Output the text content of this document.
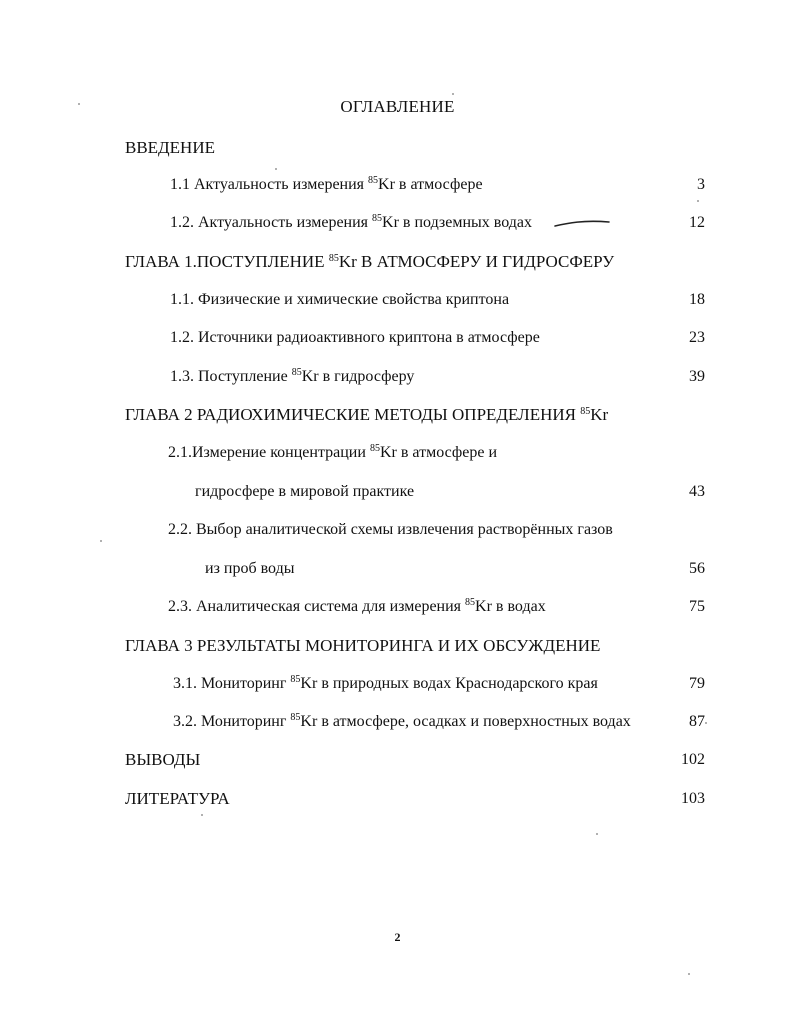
ОГЛАВЛЕНИЕ
ВВЕДЕНИЕ
1.1 Актуальность измерения $^{85}$Kr в атмосфере	3
1.2. Актуальность измерения $^{85}$Kr в подземных водах	12
ГЛАВА 1.ПОСТУПЛЕНИЕ $^{85}$Kr В АТМОСФЕРУ И ГИДРОСФЕРУ
1.1. Физические и химические свойства криптона	18
1.2. Источники радиоактивного криптона в атмосфере	23
1.3. Поступление $^{85}$Kr в гидросферу	39
ГЛАВА 2 РАДИОХИМИЧЕСКИЕ МЕТОДЫ ОПРЕДЕЛЕНИЯ $^{85}$Kr
2.1.Измерение концентрации $^{85}$Kr в атмосфере и
гидросфере в мировой практике	43
2.2. Выбор аналитической схемы извлечения растворённых газов
из проб воды	56
2.3. Аналитическая система для измерения $^{85}$Kr в водах	75
ГЛАВА 3 РЕЗУЛЬТАТЫ МОНИТОРИНГА И ИХ ОБСУЖДЕНИЕ
3.1. Мониторинг $^{85}$Kr в природных водах Краснодарского края	79
3.2. Мониторинг $^{85}$Kr в атмосфере, осадках и поверхностных водах	87
ВЫВОДЫ	102
ЛИТЕРАТУРА	103
2
